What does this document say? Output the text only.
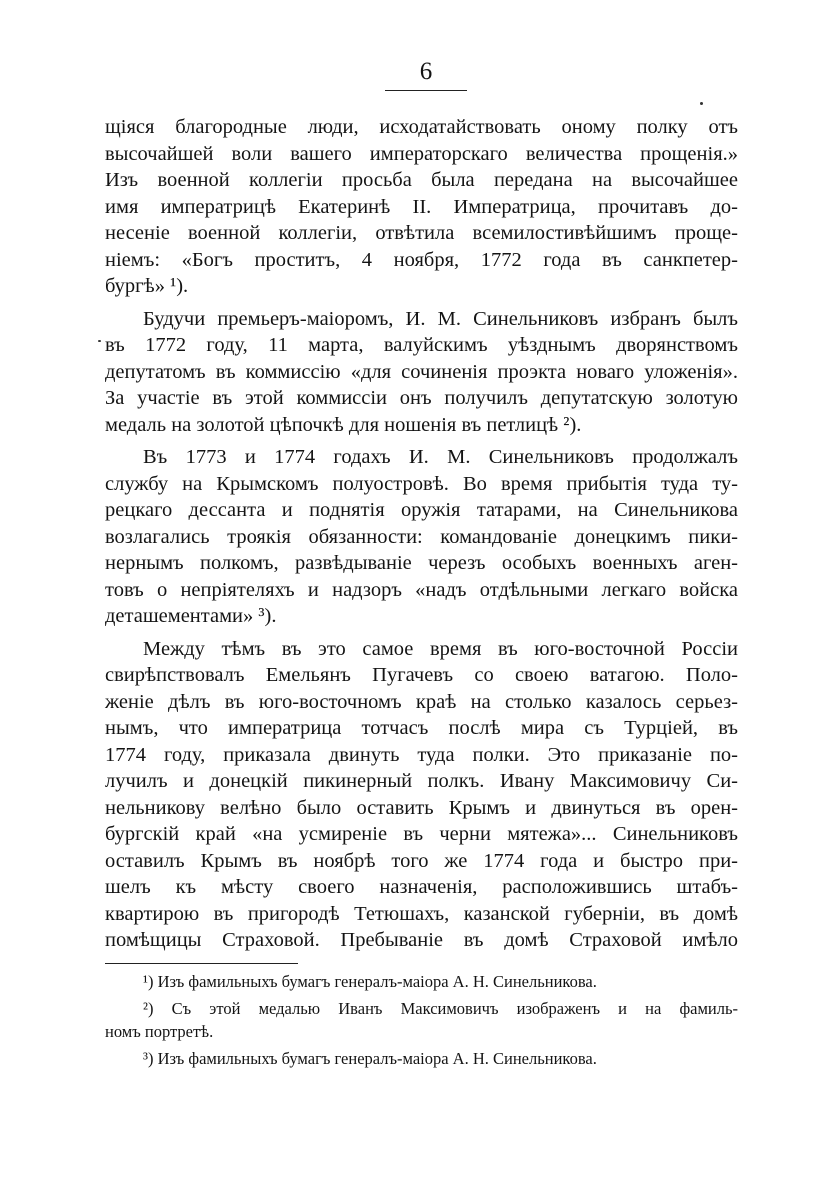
6
щiяся благородные люди, исходатайствовать оному полку отъ
высочайшей воли вашего императорскаго величества прощенiя.»
Изъ военной коллегiи просьба была передана на высочайшее
имя императрицѣ Екатеринѣ II. Императрица, прочитавъ до-
несенiе военной коллегiи, отвѣтила всемилостивѣйшимъ проще-
нiемъ: «Богъ проститъ, 4 ноября, 1772 года въ санкпетер-
бургѣ» ¹).
Будучи премьеръ-маiоромъ, И. М. Синельниковъ избранъ былъ
въ 1772 году, 11 марта, валуйскимъ уѣзднымъ дворянствомъ
депутатомъ въ коммиссiю «для сочиненiя проэкта новаго уложенiя».
За участiе въ этой коммиссiи онъ получилъ депутатскую золотую
медаль на золотой цѣпочкѣ для ношенiя въ петлицѣ ²).
Въ 1773 и 1774 годахъ И. М. Синельниковъ продолжалъ
службу на Крымскомъ полуостровѣ. Во время прибытiя туда ту-
рецкаго дессанта и поднятiя оружiя татарами, на Синельникова
возлагались троякiя обязанности: командованiе донецкимъ пики-
нернымъ полкомъ, развѣдыванiе черезъ особыхъ военныхъ аген-
товъ о непрiятеляхъ и надзоръ «надъ отдѣльными легкаго войска
деташементами» ³).
Между тѣмъ въ это самое время въ юго-восточной Россiи
свирѣпствовалъ Емельянъ Пугачевъ со своею ватагою. Поло-
женiе дѣлъ въ юго-восточномъ краѣ на столько казалось серьез-
нымъ, что императрица тотчасъ послѣ мира съ Турцiей, въ
1774 году, приказала двинуть туда полки. Это приказанiе по-
лучилъ и донецкiй пикинерный полкъ. Ивану Максимовичу Си-
нельникову велѣно было оставить Крымъ и двинуться въ орен-
бургскiй край «на усмиренiе въ черни мятежа»... Синельниковъ
оставилъ Крымъ въ ноябрѣ того же 1774 года и быстро при-
шелъ къ мѣсту своего назначенiя, расположившись штабъ-
квартирою въ пригородѣ Тетюшахъ, казанской губернiи, въ домѣ
помѣщицы Страховой. Пребыванiе въ домѣ Страховой имѣло
¹) Изъ фамильныхъ бумагъ генералъ-маiора А. Н. Синельникова.
²) Съ этой медалью Иванъ Максимовичъ изображенъ и на фамиль-
номъ портретѣ.
³) Изъ фамильныхъ бумагъ генералъ-маiора А. Н. Синельникова.
